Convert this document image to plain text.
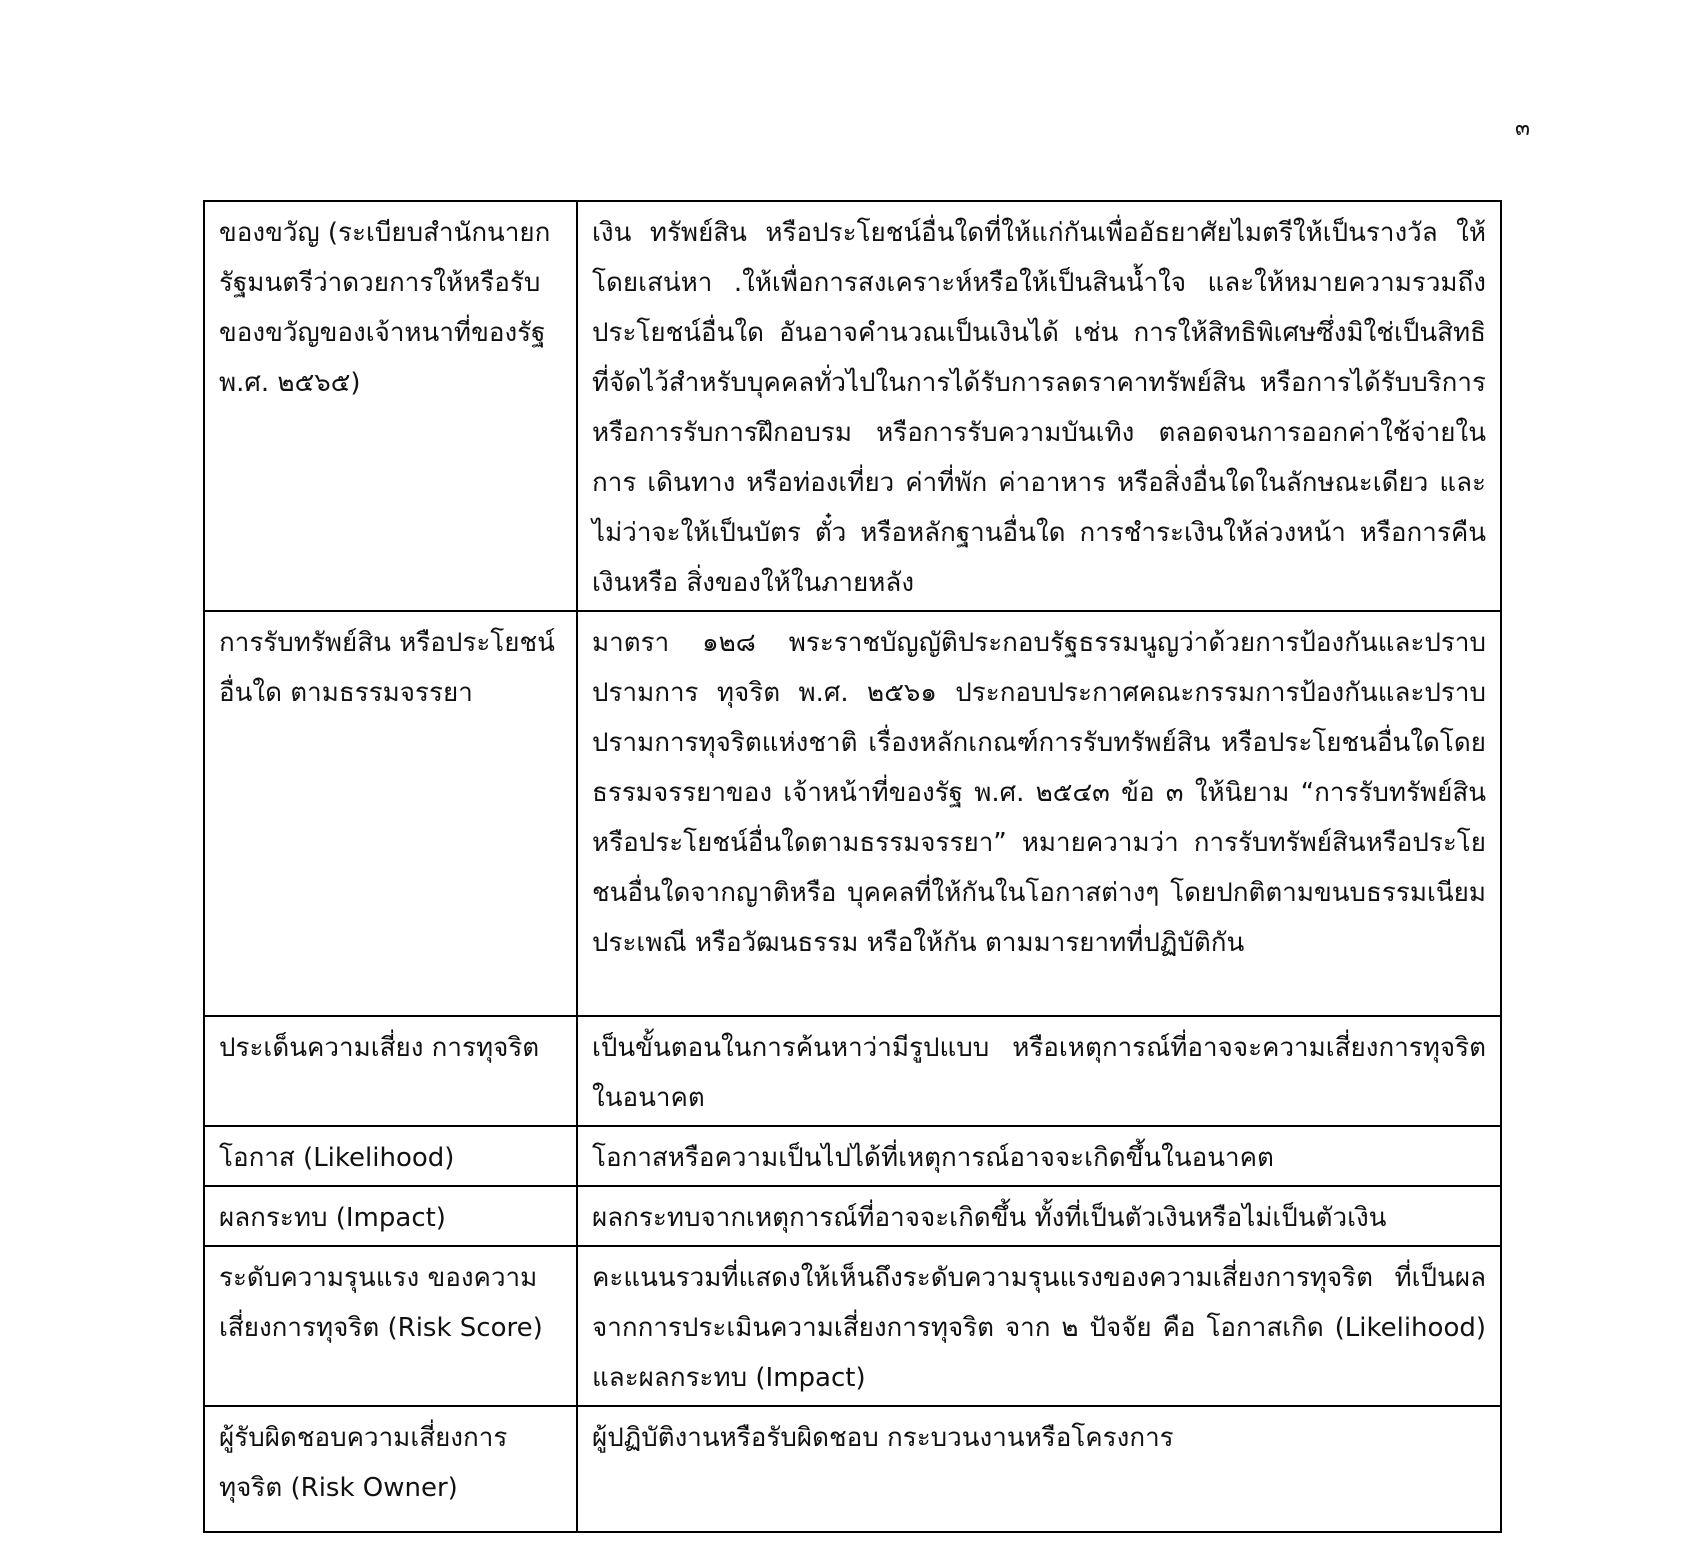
๓
ของขวัญ (ระเบียบสำนักนายกรัฐมนตรีว่าดวยการให้หรือรับของขวัญของเจ้าหนาที่ของรัฐ พ.ศ. ๒๕๖๕)	เงิน ทรัพย์สิน หรือประโยชน์อื่นใดที่ให้แก่กันเพื่ออัธยาศัยไมตรีให้เป็นรางวัล ให้โดยเสน่หา .ให้เพื่อการสงเคราะห์หรือให้เป็นสินน้ำใจ และให้หมายความรวมถึง ประโยชน์อื่นใด อันอาจคำนวณเป็นเงินได้ เช่น การให้สิทธิพิเศษซึ่งมิใช่เป็นสิทธิ ที่จัดไว้สำหรับบุคคลทั่วไปในการได้รับการลดราคาทรัพย์สิน หรือการได้รับบริการ หรือการรับการฝึกอบรม หรือการรับความบันเทิง ตลอดจนการออกค่าใช้จ่ายในการ เดินทาง หรือท่องเที่ยว ค่าที่พัก ค่าอาหาร หรือสิ่งอื่นใดในลักษณะเดียว และไม่ว่าจะให้เป็นบัตร ตั๋ว หรือหลักฐานอื่นใด การชำระเงินให้ล่วงหน้า หรือการคืนเงินหรือ สิ่งของให้ในภายหลัง
การรับทรัพย์สิน หรือประโยชน์อื่นใด ตามธรรมจรรยา	มาตรา ๑๒๘ พระราชบัญญัติประกอบรัฐธรรมนูญว่าด้วยการป้องกันและปราบปรามการ ทุจริต พ.ศ. ๒๕๖๑ ประกอบประกาศคณะกรรมการป้องกันและปราบปรามการทุจริตแห่งชาติ เรื่องหลักเกณฑ์การรับทรัพย์สิน หรือประโยชนอื่นใดโดยธรรมจรรยาของ เจ้าหน้าที่ของรัฐ พ.ศ. ๒๕๔๓ ข้อ ๓ ให้นิยาม “การรับทรัพย์สิน หรือประโยชน์อื่นใดตามธรรมจรรยา” หมายความว่า การรับทรัพย์สินหรือประโยชนอื่นใดจากญาติหรือ บุคคลที่ให้กันในโอกาสต่างๆ โดยปกติตามขนบธรรมเนียม ประเพณี หรือวัฒนธรรม หรือให้กัน ตามมารยาทที่ปฏิบัติกัน
ประเด็นความเสี่ยง การทุจริต	เป็นขั้นตอนในการค้นหาว่ามีรูปแบบ หรือเหตุการณ์ที่อาจจะความเสี่ยงการทุจริตในอนาคต
โอกาส (Likelihood)	โอกาสหรือความเป็นไปได้ที่เหตุการณ์อาจจะเกิดขึ้นในอนาคต
ผลกระทบ (Impact)	ผลกระทบจากเหตุการณ์ที่อาจจะเกิดขึ้น ทั้งที่เป็นตัวเงินหรือไม่เป็นตัวเงิน
ระดับความรุนแรง ของความเสี่ยงการทุจริต (Risk Score)	คะแนนรวมที่แสดงให้เห็นถึงระดับความรุนแรงของความเสี่ยงการทุจริต ที่เป็นผลจากการประเมินความเสี่ยงการทุจริต จาก ๒ ปัจจัย คือ โอกาสเกิด (Likelihood) และผลกระทบ (Impact)
ผู้รับผิดชอบความเสี่ยงการทุจริต (Risk Owner)	ผู้ปฏิบัติงานหรือรับผิดชอบ กระบวนงานหรือโครงการ
